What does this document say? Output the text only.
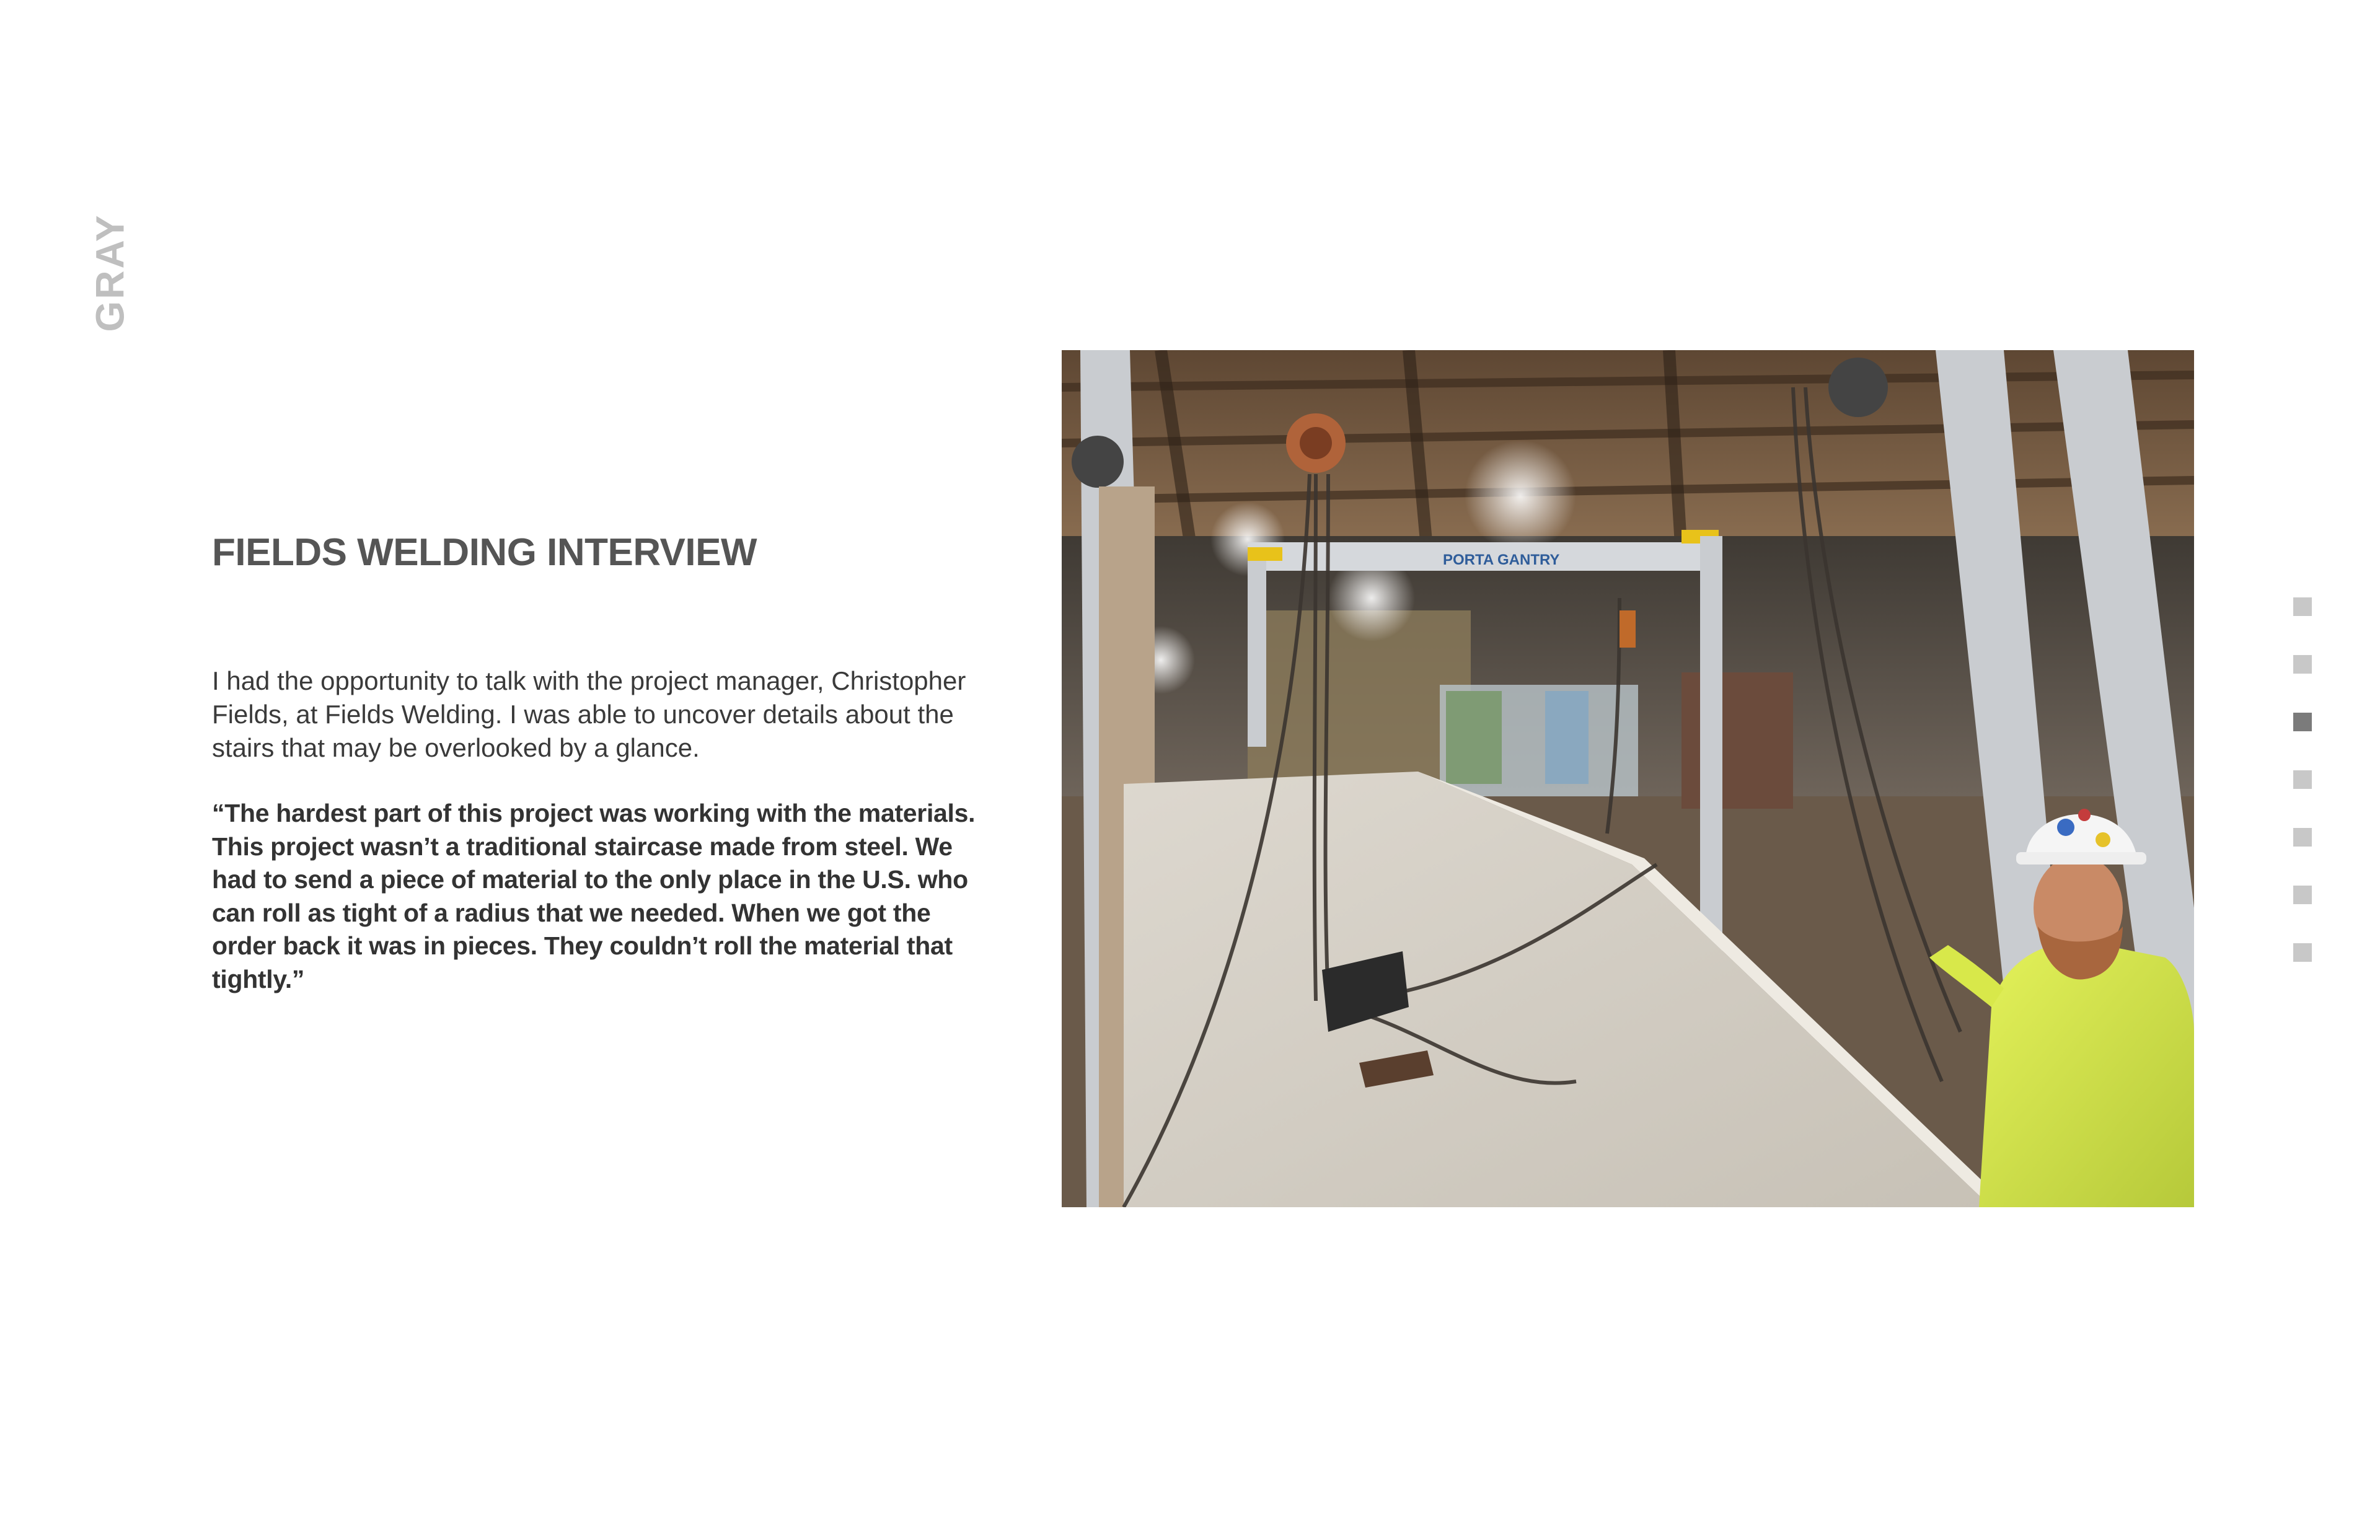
GRAY
FIELDS WELDING INTERVIEW

I had the opportunity to talk with the project manager, Christopher Fields, at Fields Welding. I was able to uncover details about the stairs that may be overlooked by a glance.

“The hardest part of this project was working with the materials. This project wasn’t a traditional staircase made from steel. We had to send a piece of material to the only place in the U.S. who can roll as tight of a radius that we needed. When we got the order back it was in pieces. They couldn’t roll the material that tightly.”

PORTA GANTRY
